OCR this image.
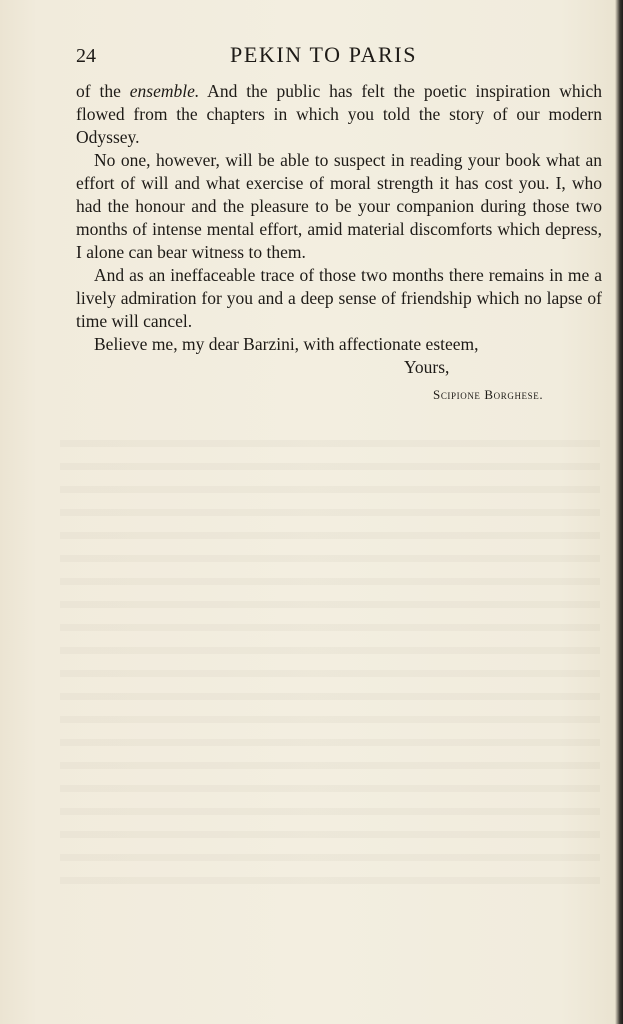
24	PEKIN TO PARIS

of the ensemble. And the public has felt the poetic inspiration which flowed from the chapters in which you told the story of our modern Odyssey.

No one, however, will be able to suspect in reading your book what an effort of will and what exercise of moral strength it has cost you. I, who had the honour and the pleasure to be your companion during those two months of intense mental effort, amid material discomforts which depress, I alone can bear witness to them.

And as an ineffaceable trace of those two months there remains in me a lively admiration for you and a deep sense of friendship which no lapse of time will cancel.

Believe me, my dear Barzini, with affectionate esteem,
Yours,
Scipione Borghese.
